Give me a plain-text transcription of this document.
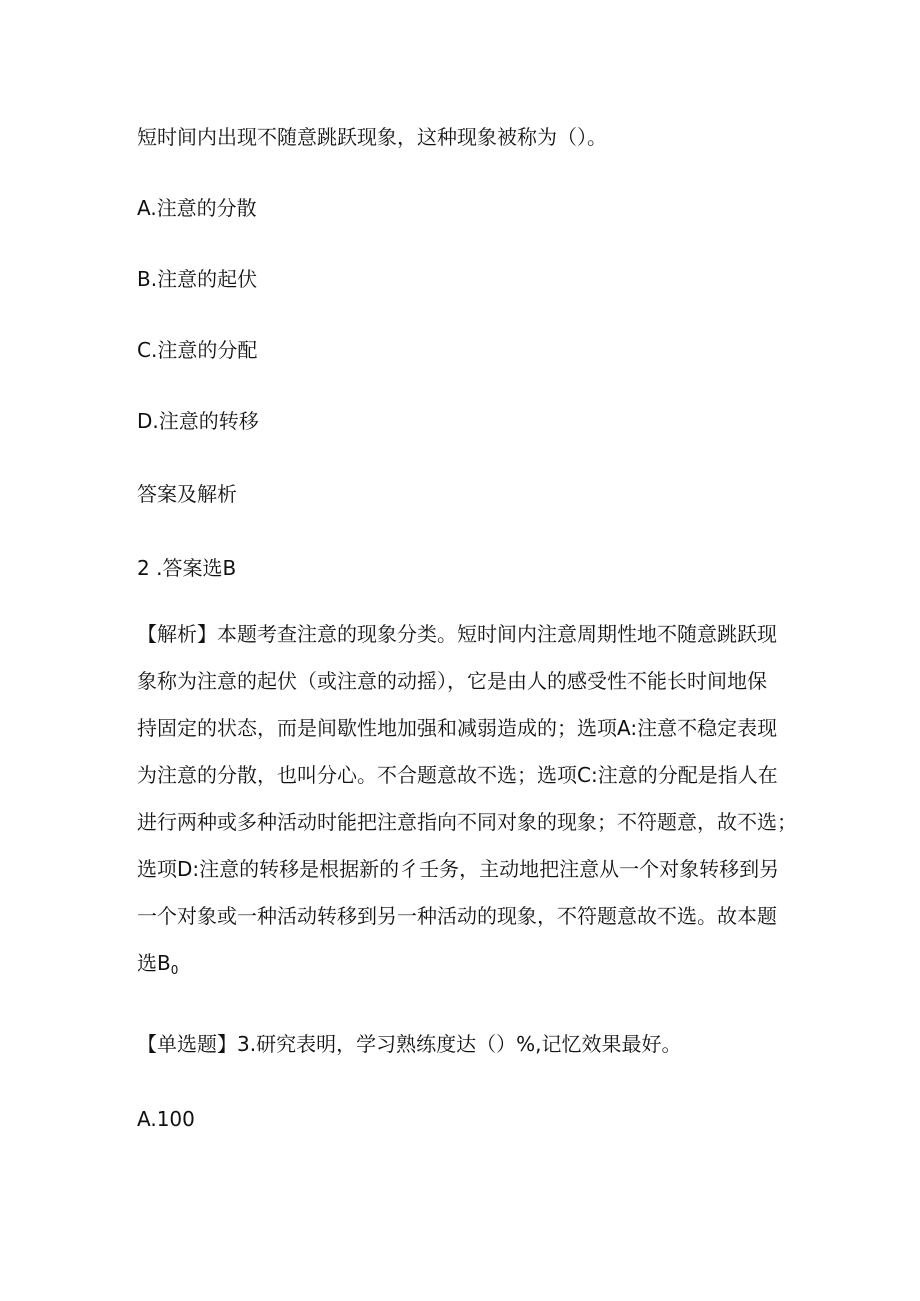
短时间内出现不随意跳跃现象，这种现象被称为（）。
A.注意的分散
B.注意的起伏
C.注意的分配
D.注意的转移
答案及解析
2 .答案选B
【解析】本题考查注意的现象分类。短时间内注意周期性地不随意跳跃现
象称为注意的起伏（或注意的动摇），它是由人的感受性不能长时间地保
持固定的状态，而是间歇性地加强和减弱造成的；选项A:注意不稳定表现
为注意的分散，也叫分心。不合题意故不选；选项C:注意的分配是指人在
进行两种或多种活动时能把注意指向不同对象的现象；不符题意，故不选；
选项D:注意的转移是根据新的彳壬务，主动地把注意从一个对象转移到另
一个对象或一种活动转移到另一种活动的现象，不符题意故不选。故本题
选$B_0$
【单选题】3.研究表明，学习熟练度达（）%,记忆效果最好。
A.100
